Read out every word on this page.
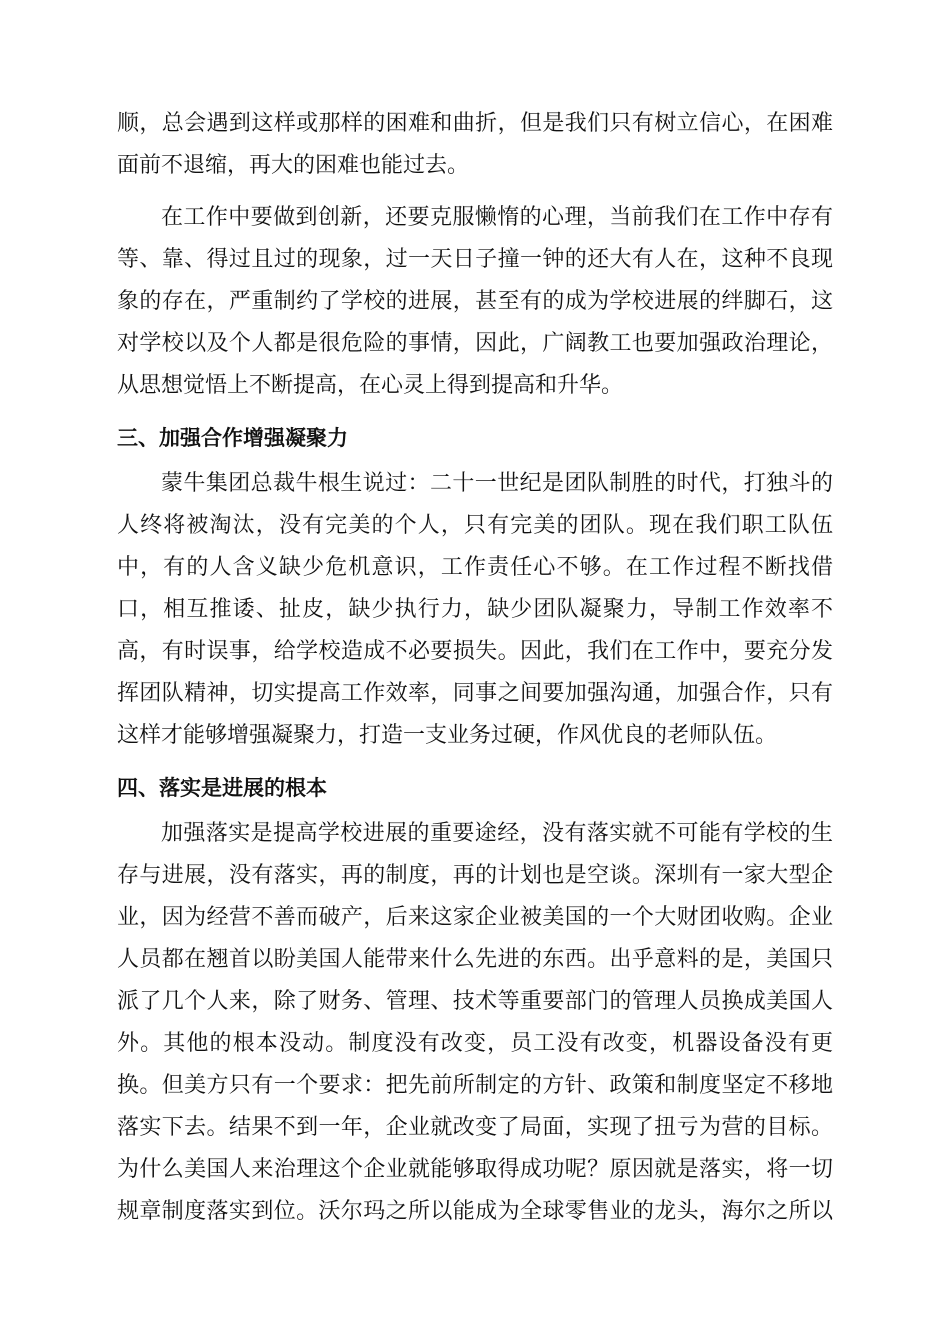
顺，总会遇到这样或那样的困难和曲折，但是我们只有树立信心，在困难
面前不退缩，再大的困难也能过去。
在工作中要做到创新，还要克服懒惰的心理，当前我们在工作中存有
等、靠、得过且过的现象，过一天日子撞一钟的还大有人在，这种不良现
象的存在，严重制约了学校的进展，甚至有的成为学校进展的绊脚石，这
对学校以及个人都是很危险的事情，因此，广阔教工也要加强政治理论，
从思想觉悟上不断提高，在心灵上得到提高和升华。
三、加强合作增强凝聚力
蒙牛集团总裁牛根生说过：二十一世纪是团队制胜的时代，打独斗的
人终将被淘汰，没有完美的个人，只有完美的团队。现在我们职工队伍
中，有的人含义缺少危机意识，工作责任心不够。在工作过程不断找借
口，相互推诿、扯皮，缺少执行力，缺少团队凝聚力，导制工作效率不
高，有时误事，给学校造成不必要损失。因此，我们在工作中，要充分发
挥团队精神，切实提高工作效率，同事之间要加强沟通，加强合作，只有
这样才能够增强凝聚力，打造一支业务过硬，作风优良的老师队伍。
四、落实是进展的根本
加强落实是提高学校进展的重要途经，没有落实就不可能有学校的生
存与进展，没有落实，再的制度，再的计划也是空谈。深圳有一家大型企
业，因为经营不善而破产，后来这家企业被美国的一个大财团收购。企业
人员都在翘首以盼美国人能带来什么先进的东西。出乎意料的是，美国只
派了几个人来，除了财务、管理、技术等重要部门的管理人员换成美国人
外。其他的根本没动。制度没有改变，员工没有改变，机器设备没有更
换。但美方只有一个要求：把先前所制定的方针、政策和制度坚定不移地
落实下去。结果不到一年，企业就改变了局面，实现了扭亏为营的目标。
为什么美国人来治理这个企业就能够取得成功呢？原因就是落实，将一切
规章制度落实到位。沃尔玛之所以能成为全球零售业的龙头，海尔之所以
